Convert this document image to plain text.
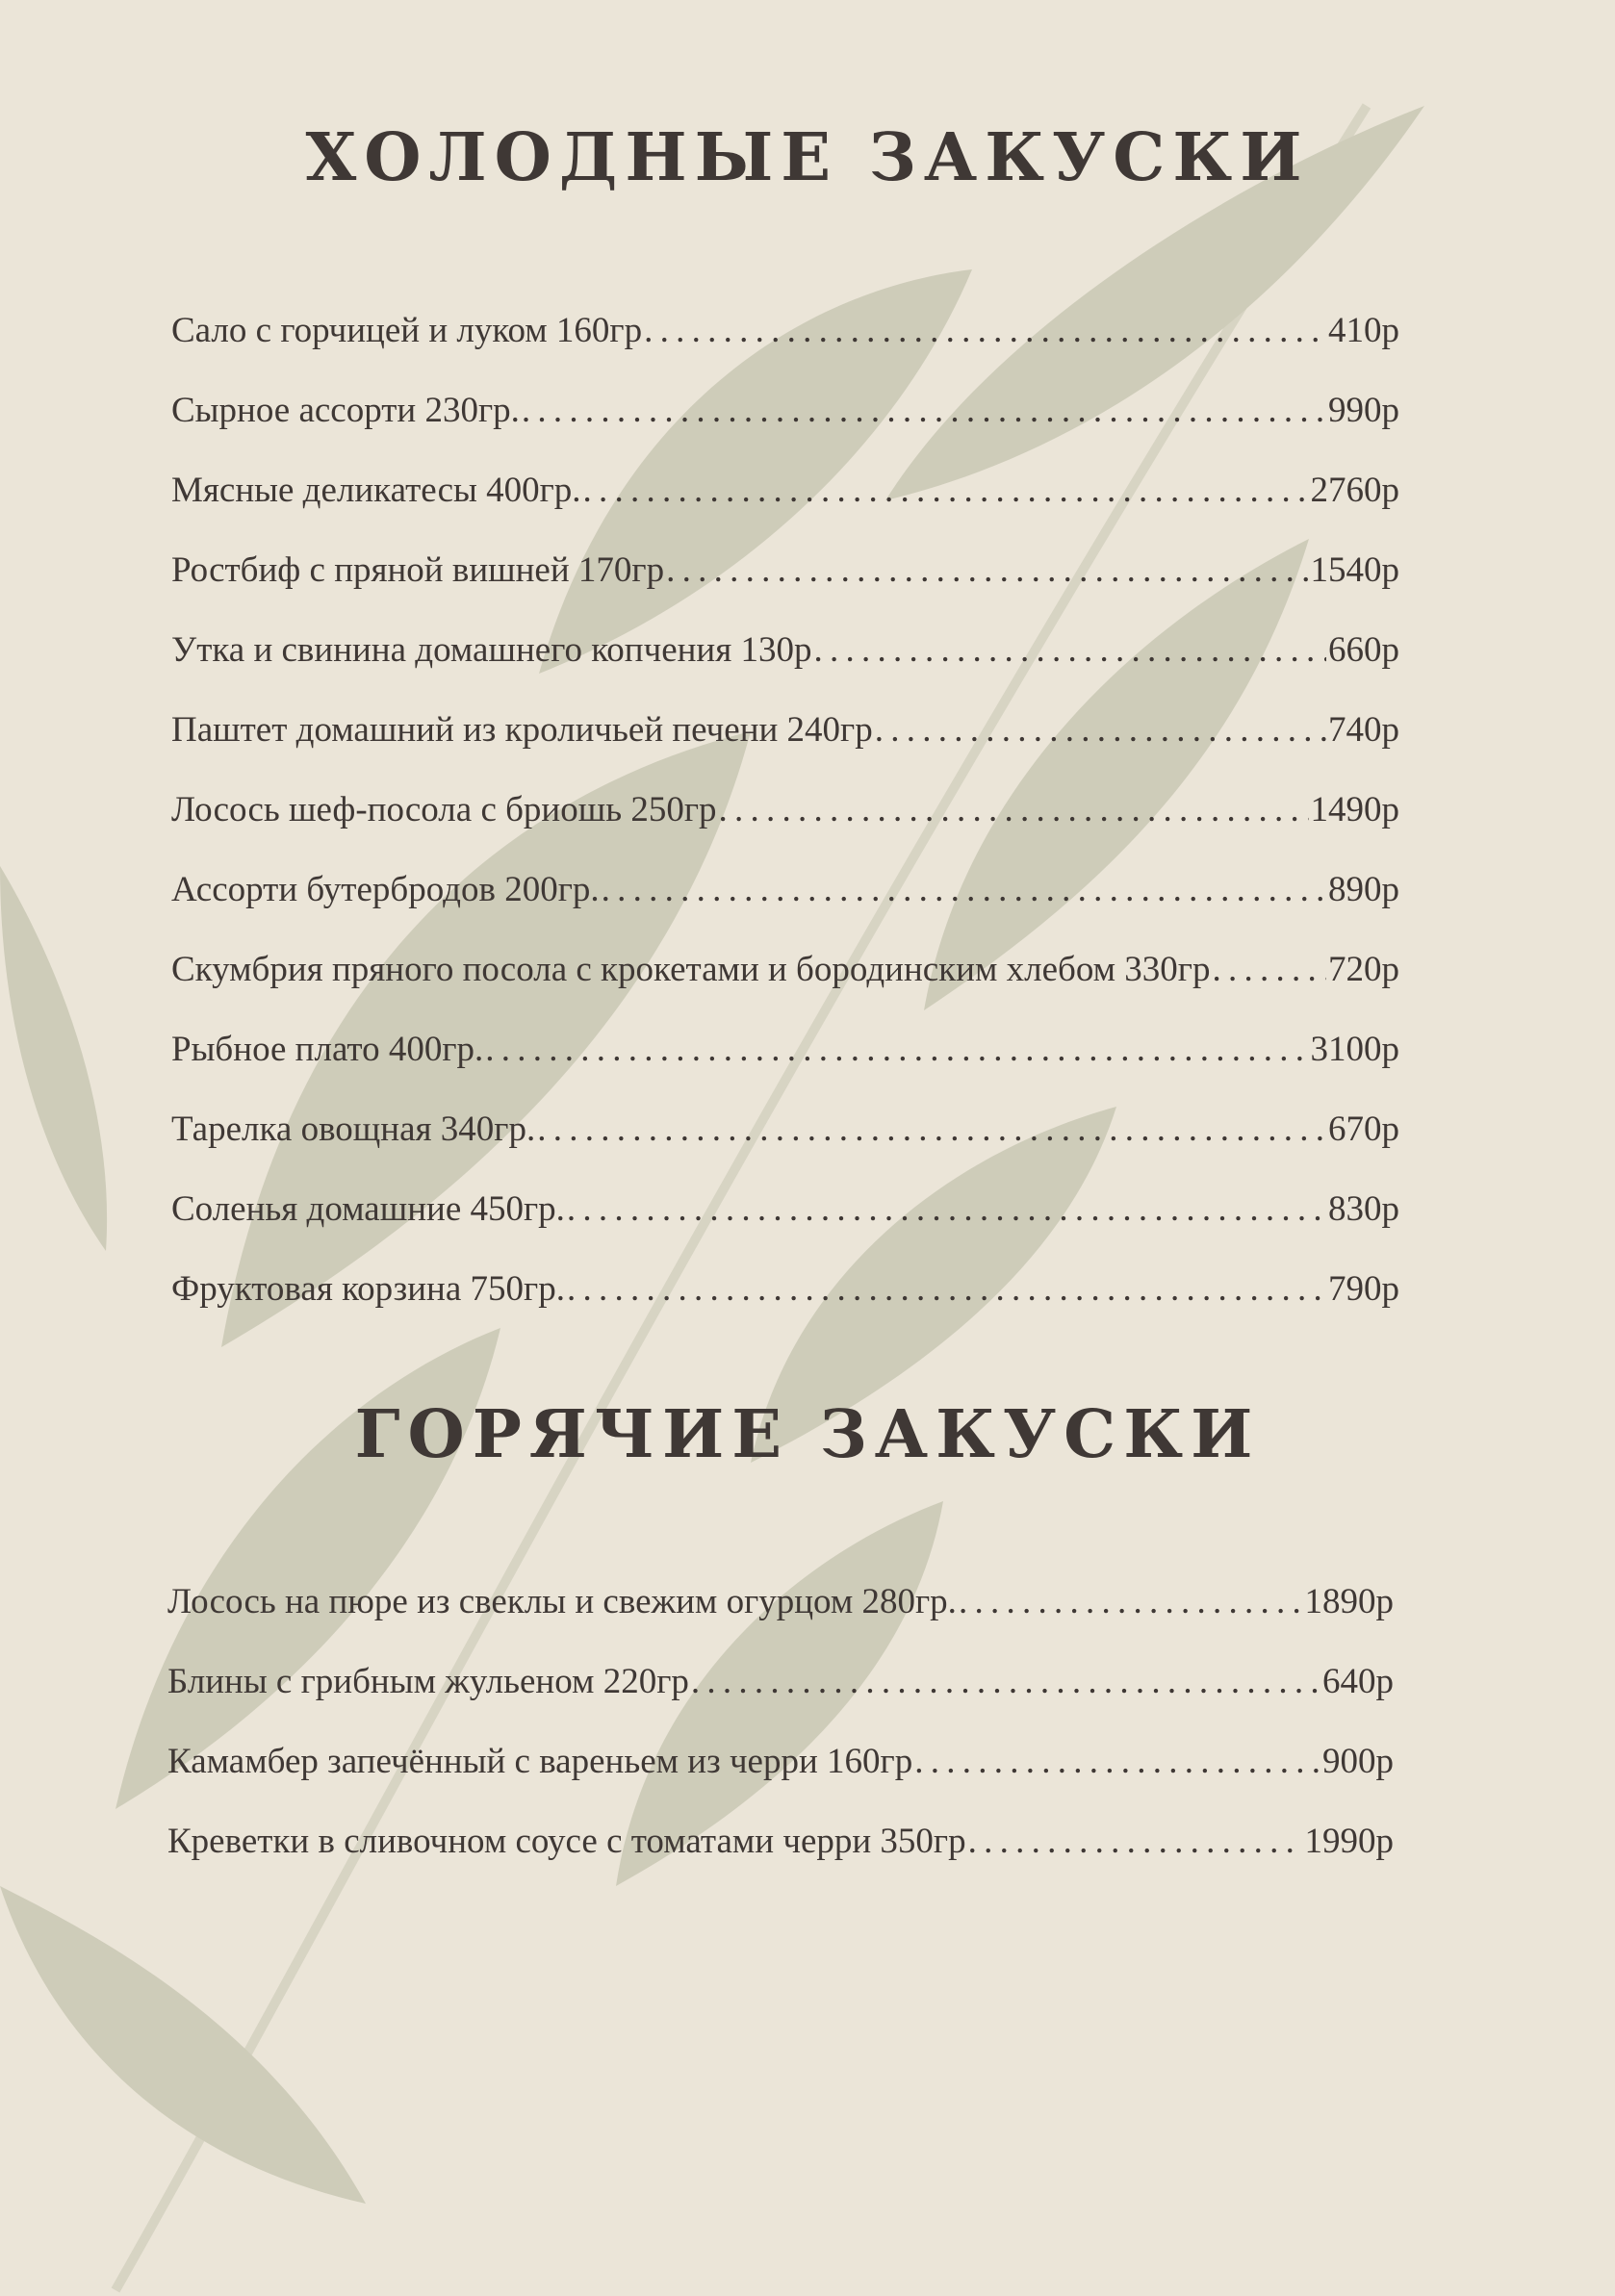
ХОЛОДНЫЕ ЗАКУСКИ
Сало с горчицей и луком 160гр . . .	410р
Сырное ассорти 230гр. . . .	990р
Мясные деликатесы 400гр. . . .	2760р
Ростбиф с пряной вишней 170гр . . .	1540р
Утка и свинина домашнего копчения 130р . . .	660р
Паштет домашний из кроличьей печени 240гр . . .	740р
Лосось шеф-посола с бриошь 250гр . . .	1490р
Ассорти бутербродов 200гр. . . .	890р
Скумбрия пряного посола с крокетами и бородинским хлебом 330гр . . .	720р
Рыбное плато 400гр. . . .	3100р
Тарелка овощная 340гр. . . .	670р
Соленья домашние 450гр. . . .	830р
Фруктовая корзина 750гр. . . .	790р
ГОРЯЧИЕ ЗАКУСКИ
Лосось на пюре из свеклы и свежим огурцом 280гр. . . .	1890р
Блины с грибным жульеном 220гр . . .	640р
Камамбер запечённый с вареньем из черри 160гр . . .	900р
Креветки в сливочном соусе с томатами черри 350гр . . .	1990р
